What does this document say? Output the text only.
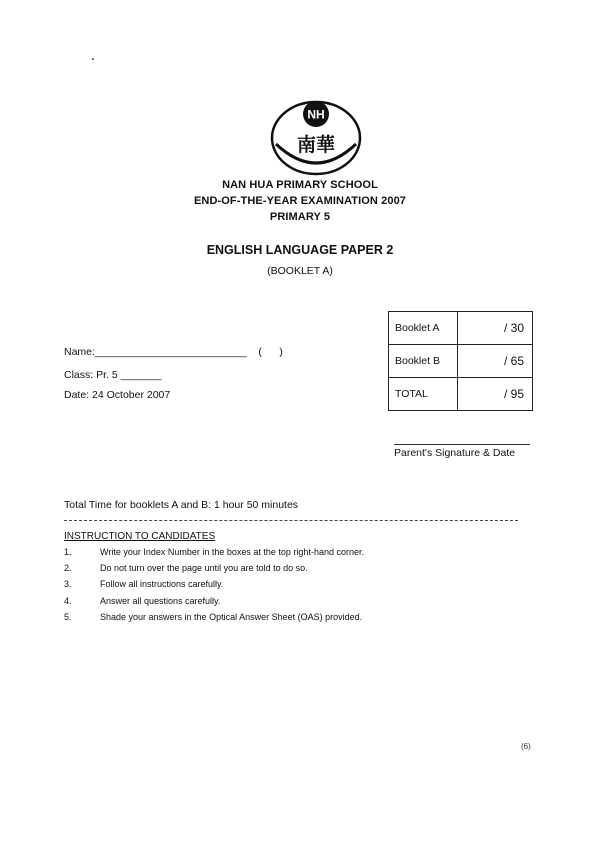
NH
南華
NAN HUA PRIMARY SCHOOL
END-OF-THE-YEAR EXAMINATION 2007
PRIMARY 5
ENGLISH LANGUAGE PAPER 2
(BOOKLET A)
Booklet A	/ 30
Booklet B	/ 65
TOTAL	/ 95
Name:__________________________    (      )
Class: Pr. 5 _______
Date: 24 October 2007
Parent's Signature & Date
Total Time for booklets A and B: 1 hour 50 minutes
INSTRUCTION TO CANDIDATES
1.	Write your Index Number in the boxes at the top right-hand corner.
2.	Do not turn over the page until you are told to do so.
3.	Follow all instructions carefully.
4.	Answer all questions carefully.
5.	Shade your answers in the Optical Answer Sheet (OAS) provided.
(6)
